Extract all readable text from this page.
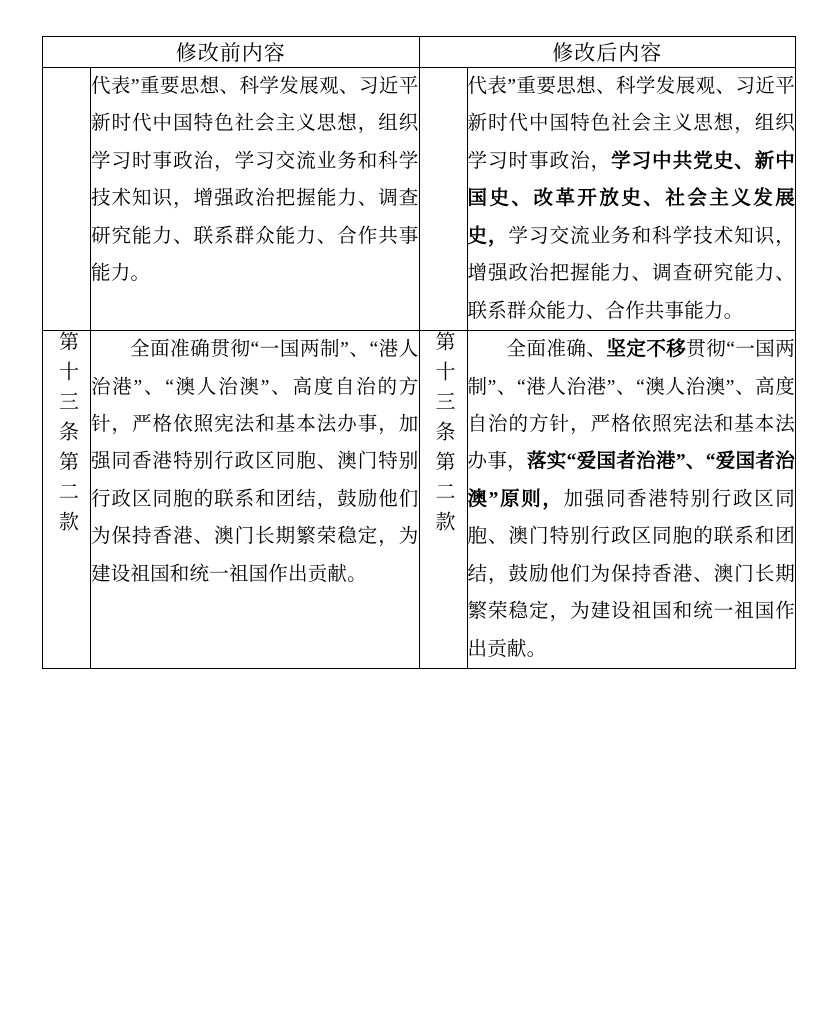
修改前内容		修改后内容	

	代表”重要思想、科学发展观、习近平新时代中国特色社会主义思想，组织学习时事政治，学习交流业务和科学技术知识，增强政治把握能力、调查研究能力、联系群众能力、合作共事能力。		代表”重要思想、科学发展观、习近平新时代中国特色社会主义思想，组织学习时事政治，学习中共党史、新中国史、改革开放史、社会主义发展史，学习交流业务和科学技术知识，增强政治把握能力、调查研究能力、联系群众能力、合作共事能力。

第十三条第二款	全面准确贯彻“一国两制”、“港人治港”、“澳人治澳”、高度自治的方针，严格依照宪法和基本法办事，加强同香港特别行政区同胞、澳门特别行政区同胞的联系和团结，鼓励他们为保持香港、澳门长期繁荣稳定，为建设祖国和统一祖国作出贡献。	第十三条第二款	全面准确、坚定不移贯彻“一国两制”、“港人治港”、“澳人治澳”、高度自治的方针，严格依照宪法和基本法办事，落实“爱国者治港”、“爱国者治澳”原则，加强同香港特别行政区同胞、澳门特别行政区同胞的联系和团结，鼓励他们为保持香港、澳门长期繁荣稳定，为建设祖国和统一祖国作出贡献。
